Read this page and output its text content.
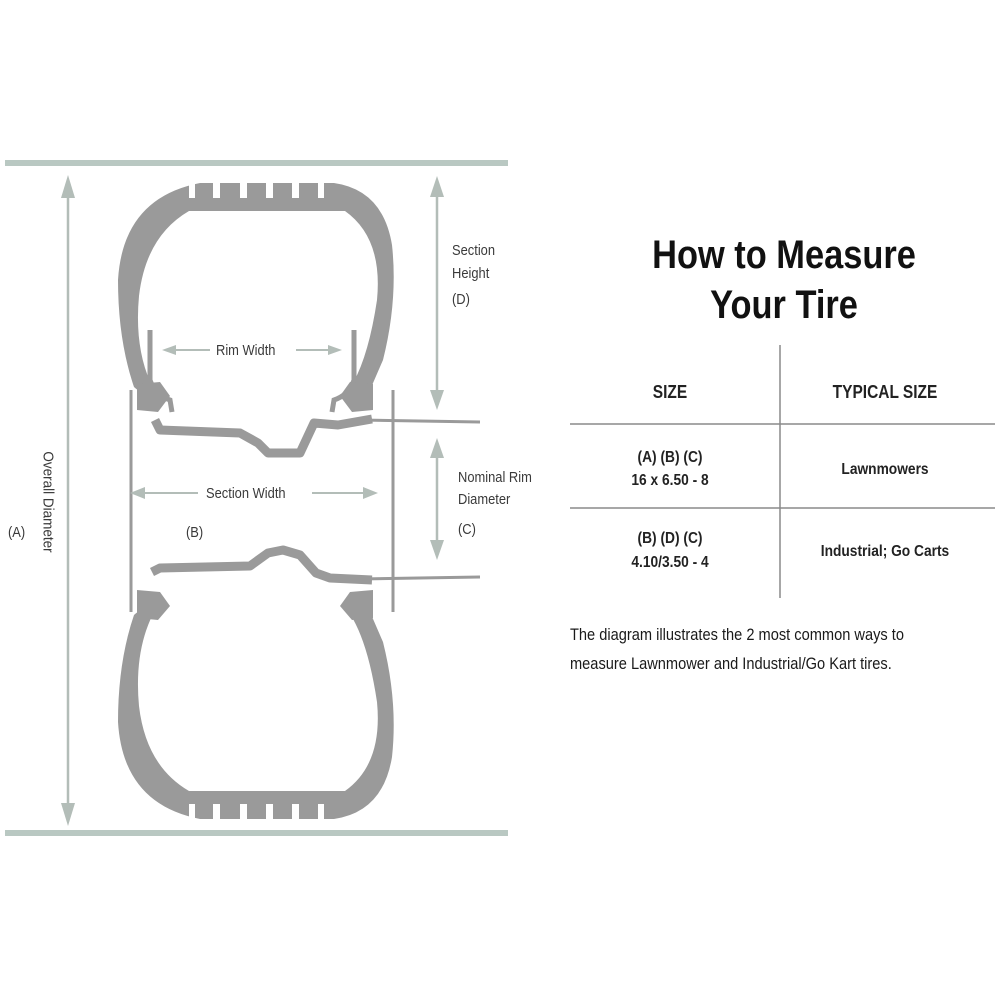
Overall Diameter
(A)
Rim Width
Section
Height
(D)
Section Width
(B)
Nominal Rim
Diameter
(C)
How to Measure
Your Tire
SIZE	TYPICAL SIZE
(A) (B) (C)
16 x 6.50 - 8
Lawnmowers
(B) (D) (C)
4.10/3.50 - 4
Industrial; Go Carts
The diagram illustrates the 2 most common ways to
measure Lawnmower and Industrial/Go Kart tires.
